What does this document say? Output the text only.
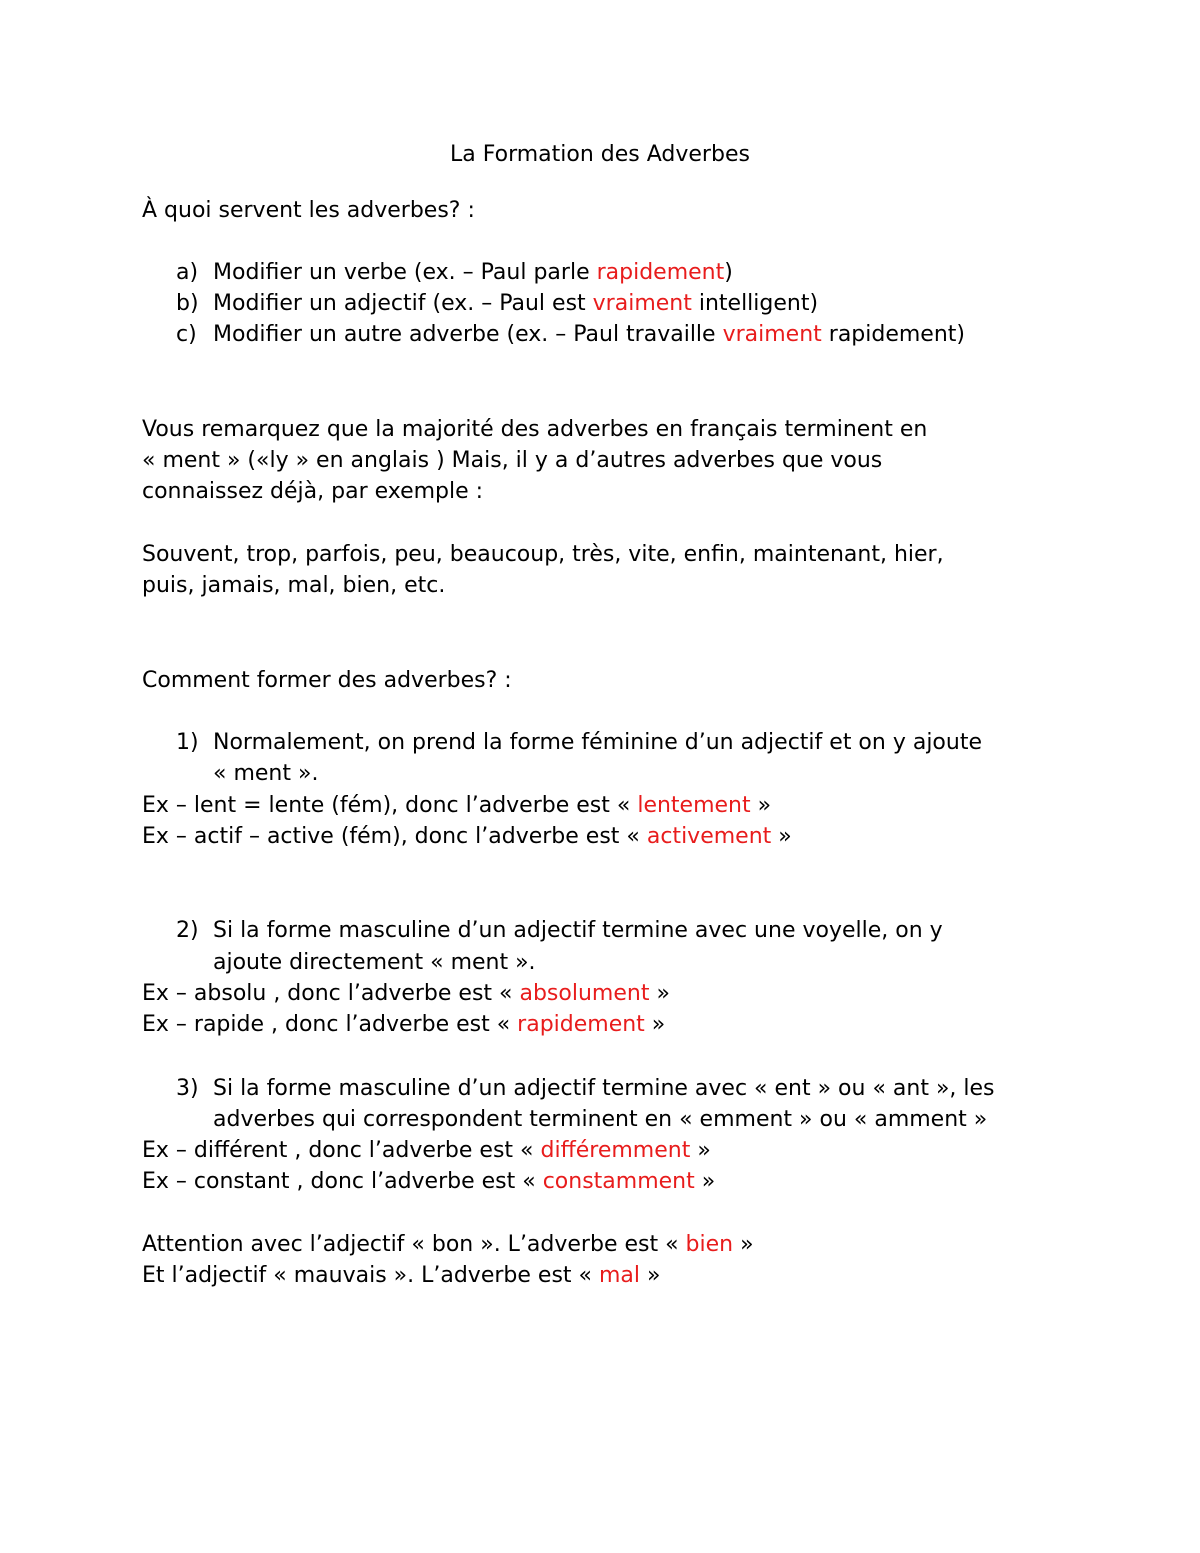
La Formation des Adverbes
À quoi servent les adverbes? :
a) Modifier un verbe (ex. – Paul parle rapidement)
b) Modifier un adjectif (ex. – Paul est vraiment intelligent)
c) Modifier un autre adverbe (ex. – Paul travaille vraiment rapidement)
Vous remarquez que la majorité des adverbes en français terminent en
« ment » («ly » en anglais ) Mais, il y a d’autres adverbes que vous
connaissez déjà, par exemple :
Souvent, trop, parfois, peu, beaucoup, très, vite, enfin, maintenant, hier,
puis, jamais, mal, bien, etc.
Comment former des adverbes? :
1) Normalement, on prend la forme féminine d’un adjectif et on y ajoute
« ment ».
Ex – lent = lente (fém), donc l’adverbe est « lentement »
Ex – actif – active (fém), donc l’adverbe est « activement »
2) Si la forme masculine d’un adjectif termine avec une voyelle, on y
ajoute directement « ment ».
Ex – absolu , donc l’adverbe est « absolument »
Ex – rapide , donc l’adverbe est « rapidement »
3) Si la forme masculine d’un adjectif termine avec « ent » ou « ant », les
adverbes qui correspondent terminent en « emment » ou « amment »
Ex – différent , donc l’adverbe est « différemment »
Ex – constant , donc l’adverbe est « constamment »
Attention avec l’adjectif « bon ». L’adverbe est « bien »
Et l’adjectif « mauvais ». L’adverbe est « mal »
